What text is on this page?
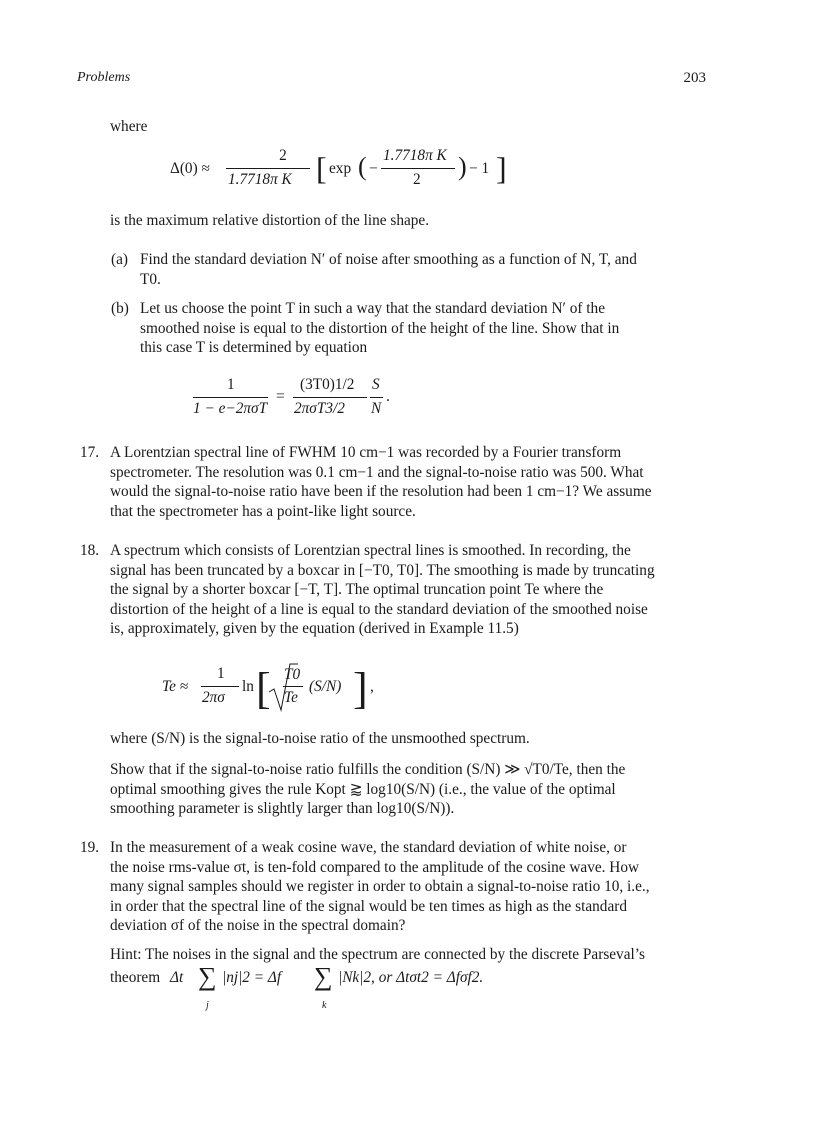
Problems	203
where
Δ(0) ≈
2
1.7718π K [ exp ( −
1.7718π K
2 ) − 1 ]
is the maximum relative distortion of the line shape.
(a) Find the standard deviation N′ of noise after smoothing as a function of N, T, and
T0.
(b) Let us choose the point T in such a way that the standard deviation N′ of the
smoothed noise is equal to the distortion of the height of the line. Show that in
this case T is determined by equation
1
1 − e−2πσT
=
(3T0)1/2
2πσT3/2
S
N
.
17. A Lorentzian spectral line of FWHM 10 cm−1 was recorded by a Fourier transform
spectrometer. The resolution was 0.1 cm−1 and the signal-to-noise ratio was 500. What
would the signal-to-noise ratio have been if the resolution had been 1 cm−1? We assume
that the spectrometer has a point-like light source.
18. A spectrum which consists of Lorentzian spectral lines is smoothed. In recording, the
signal has been truncated by a boxcar in [−T0, T0]. The smoothing is made by truncating
the signal by a shorter boxcar [−T, T]. The optimal truncation point Te where the
distortion of the height of a line is equal to the standard deviation of the smoothed noise
is, approximately, given by the equation (derived in Example 11.5)
Te ≈
1
2πσ
ln [ T0
Te
(S/N) ] ,
where (S/N) is the signal-to-noise ratio of the unsmoothed spectrum.
Show that if the signal-to-noise ratio fulfills the condition (S/N) ≫ √T0/Te, then the
optimal smoothing gives the rule Kopt ⪆ log10(S/N) (i.e., the value of the optimal
smoothing parameter is slightly larger than log10(S/N)).
19. In the measurement of a weak cosine wave, the standard deviation of white noise, or
the noise rms-value σt, is ten-fold compared to the amplitude of the cosine wave. How
many signal samples should we register in order to obtain a signal-to-noise ratio 10, i.e.,
in order that the spectral line of the signal would be ten times as high as the standard
deviation σf of the noise in the spectral domain?
Hint: The noises in the signal and the spectrum are connected by the discrete Parseval’s
theorem Δt ∑
j
|nj|2 = Δf ∑
k
|Nk|2, or Δtσt2 = Δfσf2.
